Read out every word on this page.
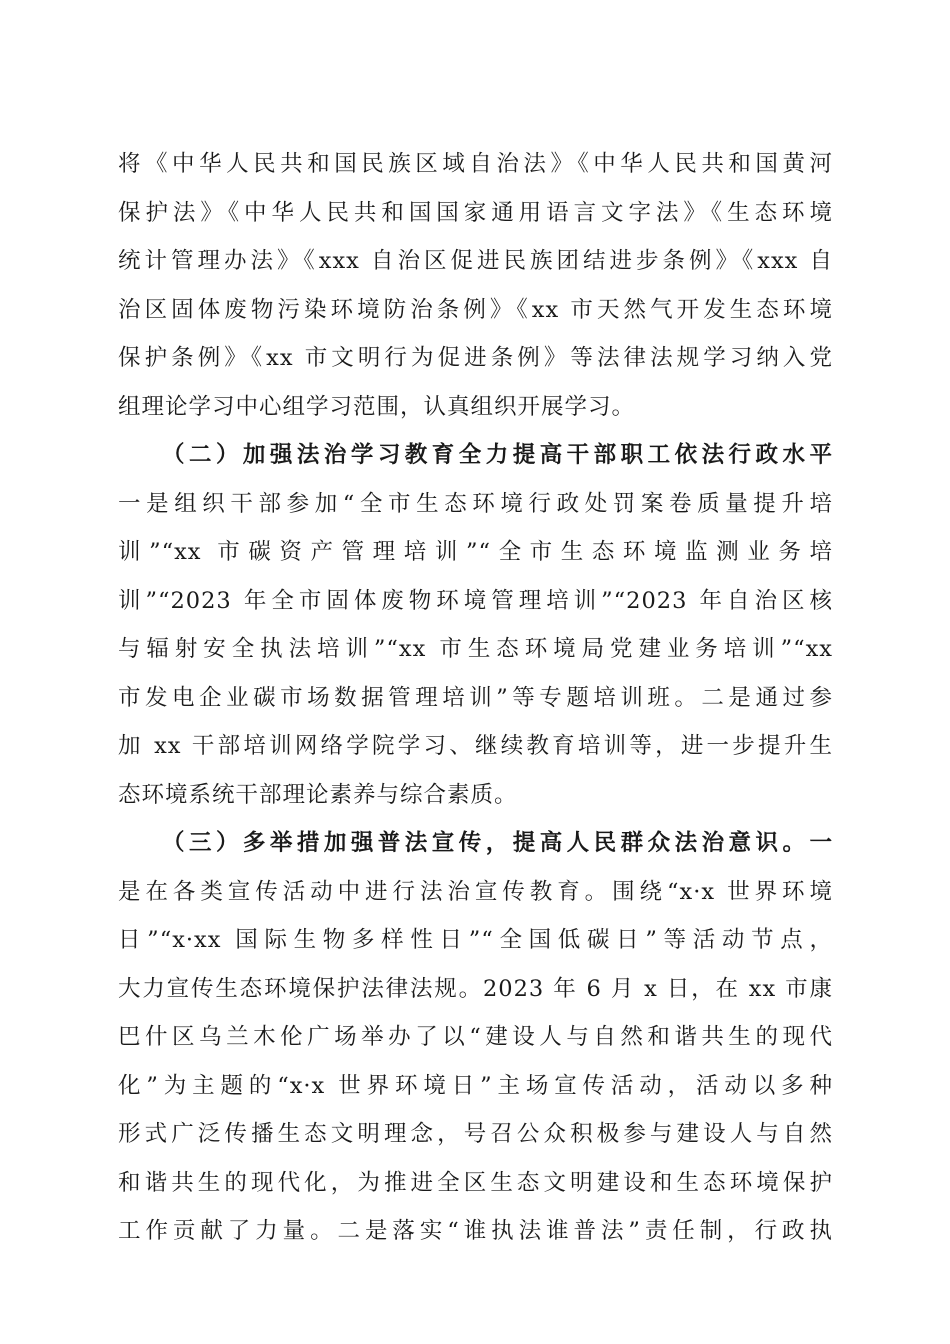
将《中华人民共和国民族区域自治法》《中华人民共和国黄河
保护法》《中华人民共和国国家通用语言文字法》《生态环境
统计管理办法》《xxx 自治区促进民族团结进步条例》《xxx 自
治区固体废物污染环境防治条例》《xx 市天然气开发生态环境
保护条例》《xx 市文明行为促进条例》等法律法规学习纳入党
组理论学习中心组学习范围，认真组织开展学习。
（二）加强法治学习教育全力提高干部职工依法行政水平
一是组织干部参加“全市生态环境行政处罚案卷质量提升培
训”“xx 市碳资产管理培训”“全市生态环境监测业务培
训”“2023 年全市固体废物环境管理培训”“2023 年自治区核
与辐射安全执法培训”“xx 市生态环境局党建业务培训”“xx
市发电企业碳市场数据管理培训”等专题培训班。二是通过参
加 xx 干部培训网络学院学习、继续教育培训等，进一步提升生
态环境系统干部理论素养与综合素质。
（三）多举措加强普法宣传，提高人民群众法治意识。一
是在各类宣传活动中进行法治宣传教育。围绕“x·x 世界环境
日”“x·xx 国际生物多样性日”“全国低碳日”等活动节点，
大力宣传生态环境保护法律法规。2023 年 6 月 x 日，在 xx 市康
巴什区乌兰木伦广场举办了以“建设人与自然和谐共生的现代
化”为主题的“x·x 世界环境日”主场宣传活动，活动以多种
形式广泛传播生态文明理念，号召公众积极参与建设人与自然
和谐共生的现代化，为推进全区生态文明建设和生态环境保护
工作贡献了力量。二是落实“谁执法谁普法”责任制，行政执
